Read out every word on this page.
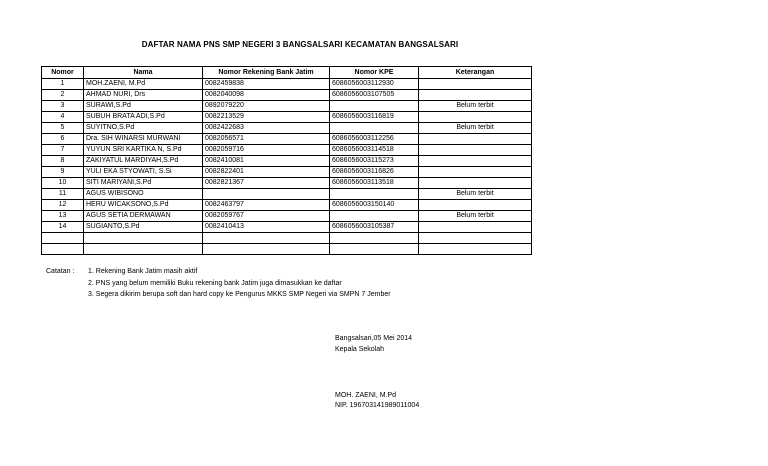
DAFTAR NAMA PNS SMP NEGERI 3 BANGSALSARI KECAMATAN BANGSALSARI
Nomor	Nama	Nomor Rekening Bank Jatim	Nomor KPE	Keterangan
1	MOH.ZAENI, M.Pd	0082459838	6086056003112930	
2	AHMAD NURI, Drs	0082040098	6086056003107505	
3	SURAWI,S.Pd	0892079220		Belum terbit
4	SUBUH BRATA ADI,S.Pd	0082213529	6086056003116819	
5	SUYITNO,S.Pd	0082422683		Belum terbit
6	Dra. SIH WINARSI MURWANI	0082056571	6086056003112256	
7	YUYUN SRI KARTIKA N, S.Pd	0082059716	6086056003114518	
8	ZAKIYATUL MARDIYAH,S.Pd	0082410081	6086056003115273	
9	YULI EKA STYOWATI, S.Si	0082822401	6086056003116826	
10	SITI MARIYANI,S.Pd	0082821367	6086056003113518	
11	AGUS WIBISONO			Belum terbit
12	HERU WICAKSONO,S.Pd	0082463797	6086056003150140	
13	AGUS SETIA DERMAWAN	0082059767		Belum terbit
14	SUGIANTO,S.Pd	0082410413	6086056003105387	

Catatan :	1. Rekening Bank Jatim masih aktif
2. PNS yang belum memiliki Buku rekening bank Jatim juga dimasukkan ke daftar
3. Segera dikirim berupa soft dan hard copy ke Pengurus MKKS SMP Negeri via SMPN 7 Jember
Bangsalsari,05 Mei 2014
Kepala Sekolah
MOH. ZAENI, M.Pd
NIP. 196703141989011004
